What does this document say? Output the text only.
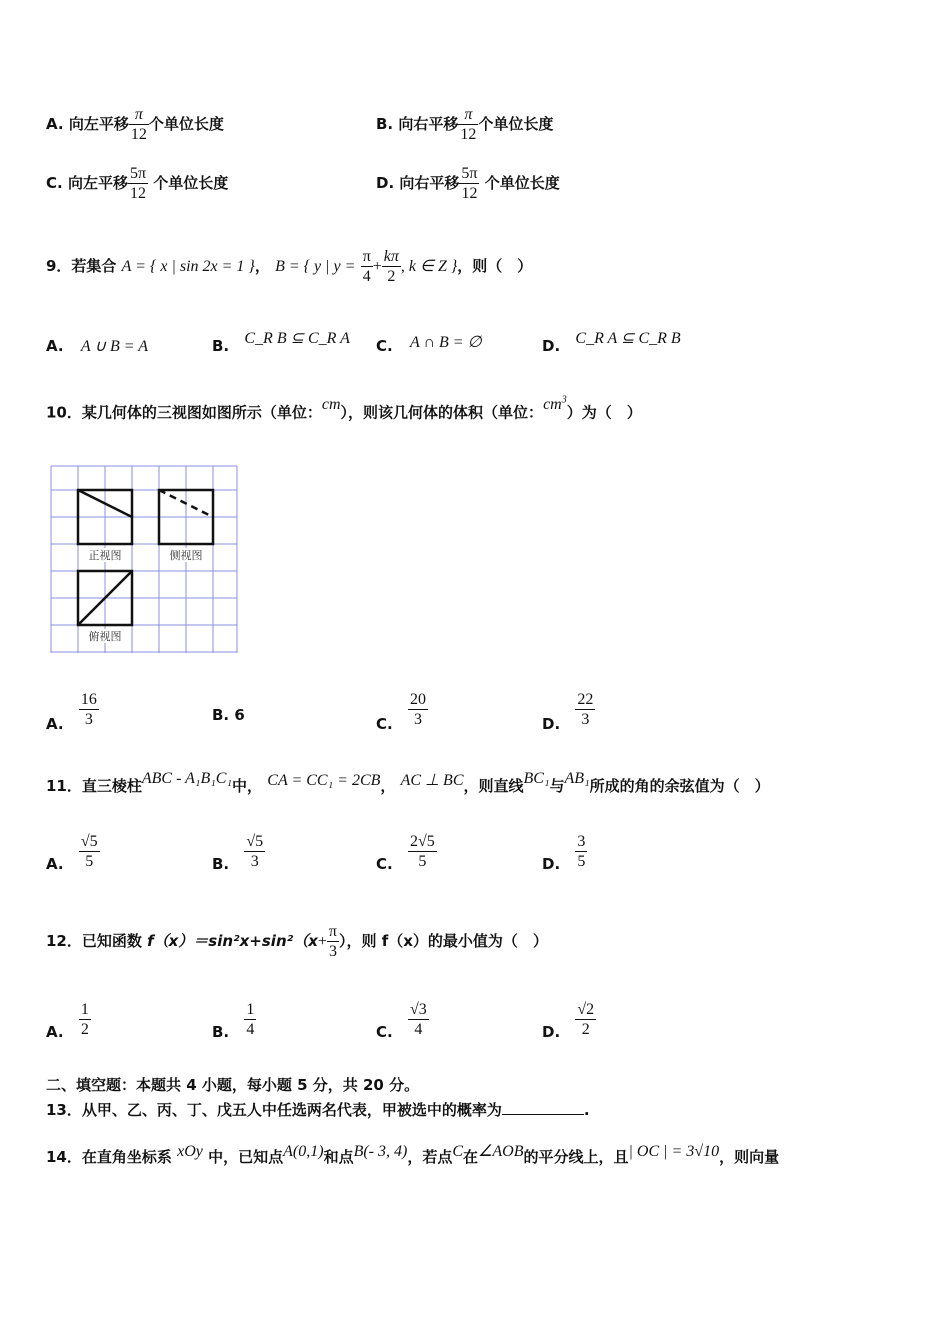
A. 向左平移 $\frac{\pi}{12}$ 个单位长度	B. 向右平移 $\frac{\pi}{12}$ 个单位长度
C. 向左平移 $\frac{5\pi}{12}$ 个单位长度	D. 向右平移 $\frac{5\pi}{12}$ 个单位长度
9．若集合 A = { x | sin 2x = 1 }， B = { y | $y = \frac{\pi}{4} + \frac{k\pi}{2}$ , k ∈ Z }，则（　）
A. A ∪ B = A	B. C_R B ⊆ C_R A C. A ∩ B = ∅	D. C_R A ⊆ C_R B
10．某几何体的三视图如图所示（单位：cm），则该几何体的体积（单位：$cm^3$）为（　）
正视图	侧视图
俯视图
A. $\frac{16}{3}$	B. 6	C. $\frac{20}{3}$	D. $\frac{22}{3}$
11．直三棱柱ABC - A₁B₁C₁中， CA = CC₁ = 2CB， AC ⊥ BC，则直线BC₁与AB₁所成的角的余弦值为（　）
A. $\frac{√5}{5}$	B. $\frac{√5}{3}$	C. $\frac{2√5}{5}$	D. $\frac{3}{5}$
12．已知函数 $f(x)=\sin^2x+\sin^2(x+ \frac{\pi}{3}$ ），则 f（x）的最小值为（　）
A. $\frac{1}{2}$	B. $\frac{1}{4}$	C. $\frac{√3}{4}$	D. $\frac{√2}{2}$
二、填空题：本题共 4 小题，每小题 5 分，共 20 分。
13．从甲、乙、丙、丁、戊五人中任选两名代表，甲被选中的概率为	.
14．在直角坐标系 xOy 中，已知点A(0,1)和点B(- 3, 4)，若点C在∠AOB的平分线上，且| OC | = 3√10，则向量
